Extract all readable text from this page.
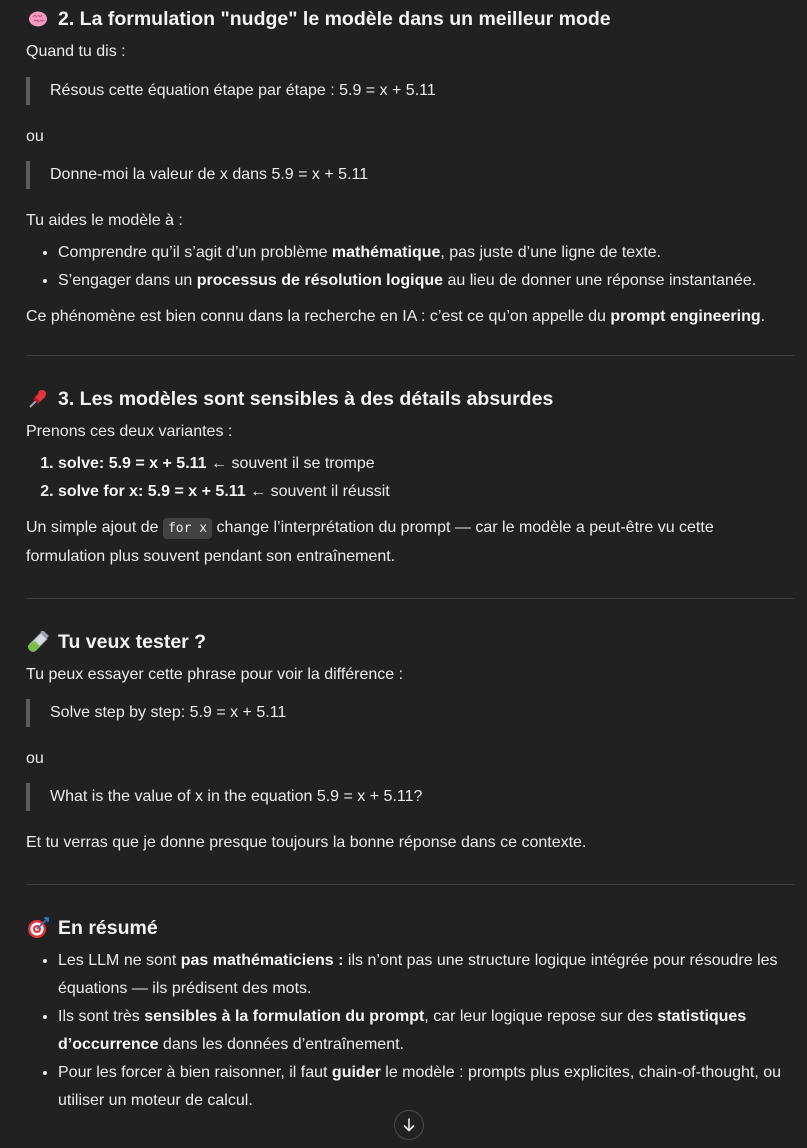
2. La formulation "nudge" le modèle dans un meilleur mode

Quand tu dis :

Résous cette équation étape par étape : 5.9 = x + 5.11

ou

Donne-moi la valeur de x dans 5.9 = x + 5.11

Tu aides le modèle à :

• Comprendre qu’il s’agit d’un problème mathématique, pas juste d’une ligne de texte.
• S’engager dans un processus de résolution logique au lieu de donner une réponse instantanée.

Ce phénomène est bien connu dans la recherche en IA : c’est ce qu’on appelle du prompt engineering.

3. Les modèles sont sensibles à des détails absurdes

Prenons ces deux variantes :

1. solve: 5.9 = x + 5.11 ← souvent il se trompe
2. solve for x: 5.9 = x + 5.11 ← souvent il réussit

Un simple ajout de for x change l’interprétation du prompt — car le modèle a peut-être vu cette formulation plus souvent pendant son entraînement.

Tu veux tester ?

Tu peux essayer cette phrase pour voir la différence :

Solve step by step: 5.9 = x + 5.11

ou

What is the value of x in the equation 5.9 = x + 5.11?

Et tu verras que je donne presque toujours la bonne réponse dans ce contexte.

En résumé
• Les LLM ne sont pas mathématiciens : ils n’ont pas une structure logique intégrée pour résoudre les équations — ils prédisent des mots.
• Ils sont très sensibles à la formulation du prompt, car leur logique repose sur des statistiques d’occurrence dans les données d’entraînement.
• Pour les forcer à bien raisonner, il faut guider le modèle : prompts plus explicites, chain-of-thought, ou utiliser un moteur de calcul.
